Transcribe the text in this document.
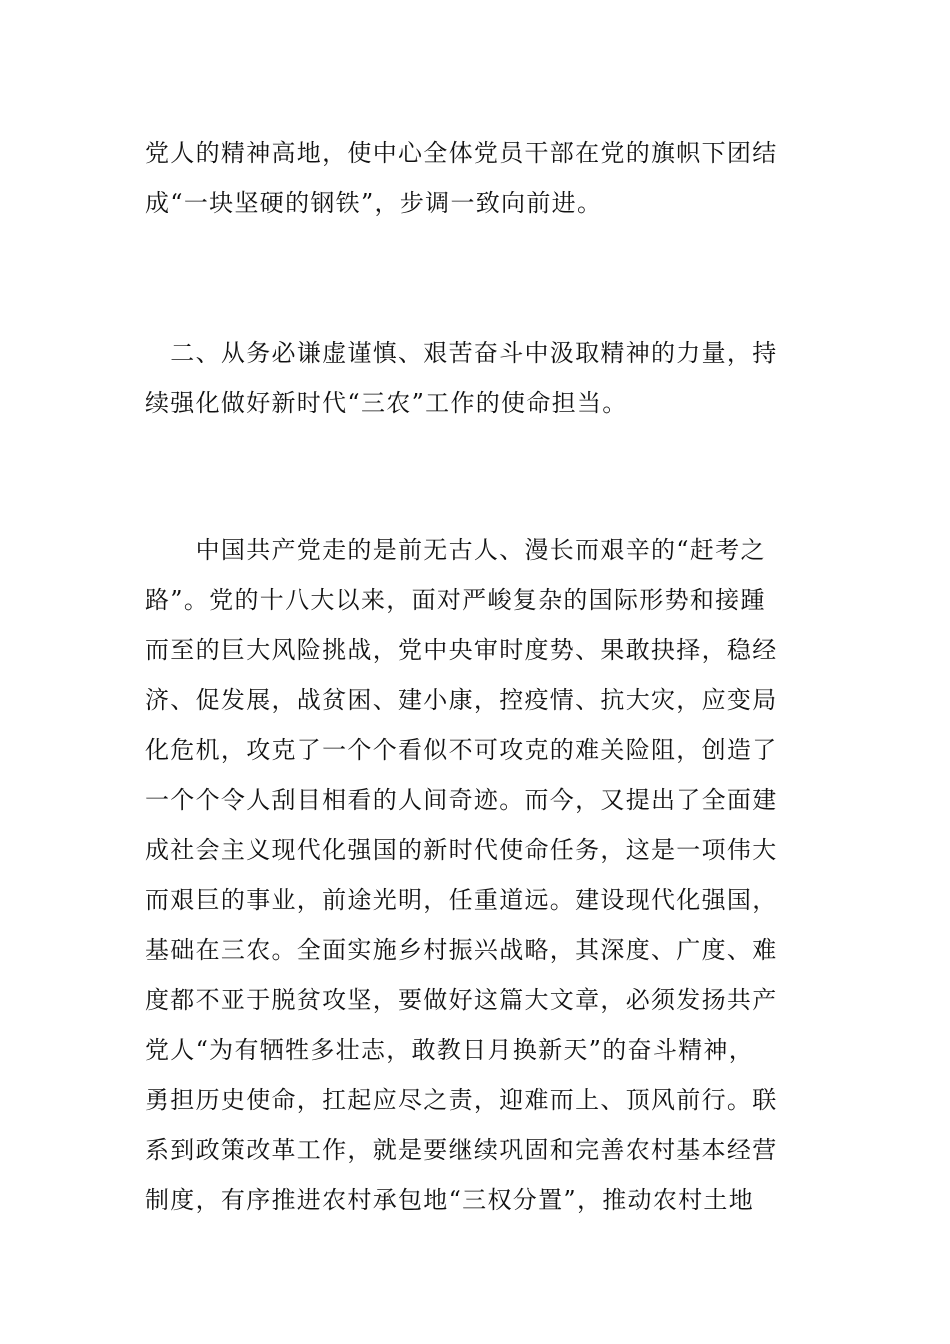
党人的精神高地，使中心全体党员干部在党的旗帜下团结
成“一块坚硬的钢铁”，步调一致向前进。
　二、从务必谦虚谨慎、艰苦奋斗中汲取精神的力量，持
续强化做好新时代“三农”工作的使命担当。
　　中国共产党走的是前无古人、漫长而艰辛的“赶考之
路”。党的十八大以来，面对严峻复杂的国际形势和接踵
而至的巨大风险挑战，党中央审时度势、果敢抉择，稳经
济、促发展，战贫困、建小康，控疫情、抗大灾，应变局
化危机，攻克了一个个看似不可攻克的难关险阻，创造了
一个个令人刮目相看的人间奇迹。而今，又提出了全面建
成社会主义现代化强国的新时代使命任务，这是一项伟大
而艰巨的事业，前途光明，任重道远。建设现代化强国，
基础在三农。全面实施乡村振兴战略，其深度、广度、难
度都不亚于脱贫攻坚，要做好这篇大文章，必须发扬共产
党人“为有牺牲多壮志，敢教日月换新天”的奋斗精神，
勇担历史使命，扛起应尽之责，迎难而上、顶风前行。联
系到政策改革工作，就是要继续巩固和完善农村基本经营
制度，有序推进农村承包地“三权分置”，推动农村土地
